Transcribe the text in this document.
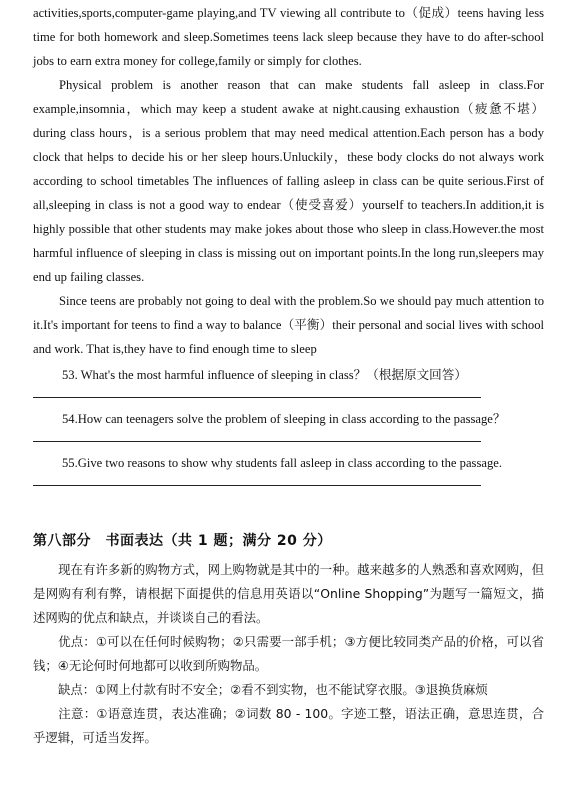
activities,sports,computer-game playing,and TV viewing all contribute to（促成）teens having less time for both homework and sleep.Sometimes teens lack sleep because they have to do after-school jobs to earn extra money for college,family or simply for clothes.

Physical problem is another reason that can make students fall asleep in class.For example,insomnia，which may keep a student awake at night.causing exhaustion（疲惫不堪）during class hours，is a serious problem that may need medical attention.Each person has a body clock that helps to decide his or her sleep hours.Unluckily，these body clocks do not always work according to school timetables The influences of falling asleep in class can be quite serious.First of all,sleeping in class is not a good way to endear（使受喜爱）yourself to teachers.In addition,it is highly possible that other students may make jokes about those who sleep in class.However.the most harmful influence of sleeping in class is missing out on important points.In the long run,sleepers may end up failing classes.

Since teens are probably not going to deal with the problem.So we should pay much attention to it.It's important for teens to find a way to balance（平衡）their personal and social lives with school and work. That is,they have to find enough time to sleep

53. What's the most harmful influence of sleeping in class？（根据原文回答）

54.How can teenagers solve the problem of sleeping in class according to the passage？

55.Give two reasons to show why students fall asleep in class according to the passage.

第八部分　书面表达（共 1 题；满分 20 分）

现在有许多新的购物方式，网上购物就是其中的一种。越来越多的人熟悉和喜欢网购，但是网购有利有弊，请根据下面提供的信息用英语以“Online Shopping”为题写一篇短文，描述网购的优点和缺点，并谈谈自己的看法。

优点：①可以在任何时候购物；②只需要一部手机；③方便比较同类产品的价格，可以省钱；④无论何时何地都可以收到所购物品。

缺点：①网上付款有时不安全；②看不到实物，也不能试穿衣服。③退换货麻烦

注意：①语意连贯，表达准确；②词数 80 - 100。字迹工整，语法正确，意思连贯，合乎逻辑，可适当发挥。
